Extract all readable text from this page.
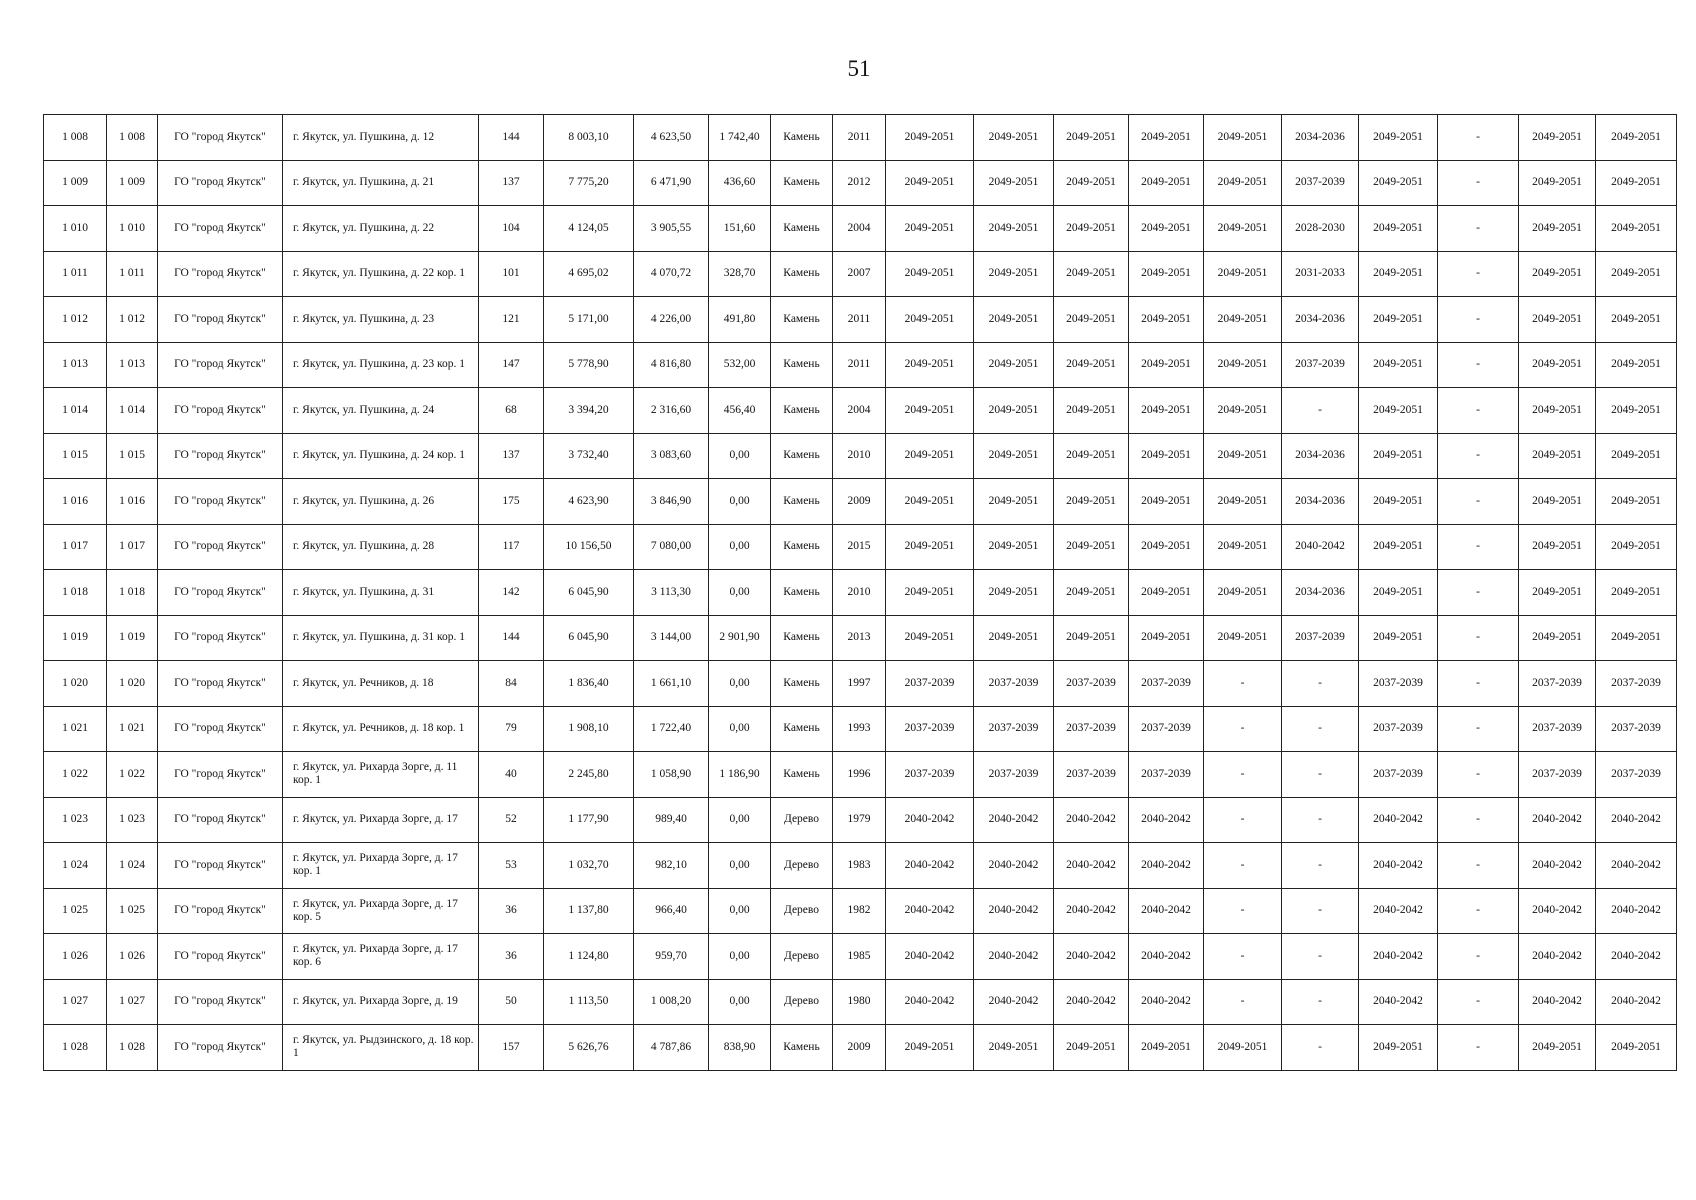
51
1 008	1 008	ГО "город Якутск"	г. Якутск, ул. Пушкина, д. 12	144	8 003,10	4 623,50	1 742,40	Камень	2011	2049-2051	2049-2051	2049-2051	2049-2051	2049-2051	2034-2036	2049-2051	-	2049-2051	2049-2051
1 009	1 009	ГО "город Якутск"	г. Якутск, ул. Пушкина, д. 21	137	7 775,20	6 471,90	436,60	Камень	2012	2049-2051	2049-2051	2049-2051	2049-2051	2049-2051	2037-2039	2049-2051	-	2049-2051	2049-2051
1 010	1 010	ГО "город Якутск"	г. Якутск, ул. Пушкина, д. 22	104	4 124,05	3 905,55	151,60	Камень	2004	2049-2051	2049-2051	2049-2051	2049-2051	2049-2051	2028-2030	2049-2051	-	2049-2051	2049-2051
1 011	1 011	ГО "город Якутск"	г. Якутск, ул. Пушкина, д. 22 кор. 1	101	4 695,02	4 070,72	328,70	Камень	2007	2049-2051	2049-2051	2049-2051	2049-2051	2049-2051	2031-2033	2049-2051	-	2049-2051	2049-2051
1 012	1 012	ГО "город Якутск"	г. Якутск, ул. Пушкина, д. 23	121	5 171,00	4 226,00	491,80	Камень	2011	2049-2051	2049-2051	2049-2051	2049-2051	2049-2051	2034-2036	2049-2051	-	2049-2051	2049-2051
1 013	1 013	ГО "город Якутск"	г. Якутск, ул. Пушкина, д. 23 кор. 1	147	5 778,90	4 816,80	532,00	Камень	2011	2049-2051	2049-2051	2049-2051	2049-2051	2049-2051	2037-2039	2049-2051	-	2049-2051	2049-2051
1 014	1 014	ГО "город Якутск"	г. Якутск, ул. Пушкина, д. 24	68	3 394,20	2 316,60	456,40	Камень	2004	2049-2051	2049-2051	2049-2051	2049-2051	2049-2051	-	2049-2051	-	2049-2051	2049-2051
1 015	1 015	ГО "город Якутск"	г. Якутск, ул. Пушкина, д. 24 кор. 1	137	3 732,40	3 083,60	0,00	Камень	2010	2049-2051	2049-2051	2049-2051	2049-2051	2049-2051	2034-2036	2049-2051	-	2049-2051	2049-2051
1 016	1 016	ГО "город Якутск"	г. Якутск, ул. Пушкина, д. 26	175	4 623,90	3 846,90	0,00	Камень	2009	2049-2051	2049-2051	2049-2051	2049-2051	2049-2051	2034-2036	2049-2051	-	2049-2051	2049-2051
1 017	1 017	ГО "город Якутск"	г. Якутск, ул. Пушкина, д. 28	117	10 156,50	7 080,00	0,00	Камень	2015	2049-2051	2049-2051	2049-2051	2049-2051	2049-2051	2040-2042	2049-2051	-	2049-2051	2049-2051
1 018	1 018	ГО "город Якутск"	г. Якутск, ул. Пушкина, д. 31	142	6 045,90	3 113,30	0,00	Камень	2010	2049-2051	2049-2051	2049-2051	2049-2051	2049-2051	2034-2036	2049-2051	-	2049-2051	2049-2051
1 019	1 019	ГО "город Якутск"	г. Якутск, ул. Пушкина, д. 31 кор. 1	144	6 045,90	3 144,00	2 901,90	Камень	2013	2049-2051	2049-2051	2049-2051	2049-2051	2049-2051	2037-2039	2049-2051	-	2049-2051	2049-2051
1 020	1 020	ГО "город Якутск"	г. Якутск, ул. Речников, д. 18	84	1 836,40	1 661,10	0,00	Камень	1997	2037-2039	2037-2039	2037-2039	2037-2039	-	-	2037-2039	-	2037-2039	2037-2039
1 021	1 021	ГО "город Якутск"	г. Якутск, ул. Речников, д. 18 кор. 1	79	1 908,10	1 722,40	0,00	Камень	1993	2037-2039	2037-2039	2037-2039	2037-2039	-	-	2037-2039	-	2037-2039	2037-2039
1 022	1 022	ГО "город Якутск"	г. Якутск, ул. Рихарда Зорге, д. 11 кор. 1	40	2 245,80	1 058,90	1 186,90	Камень	1996	2037-2039	2037-2039	2037-2039	2037-2039	-	-	2037-2039	-	2037-2039	2037-2039
1 023	1 023	ГО "город Якутск"	г. Якутск, ул. Рихарда Зорге, д. 17	52	1 177,90	989,40	0,00	Дерево	1979	2040-2042	2040-2042	2040-2042	2040-2042	-	-	2040-2042	-	2040-2042	2040-2042
1 024	1 024	ГО "город Якутск"	г. Якутск, ул. Рихарда Зорге, д. 17 кор. 1	53	1 032,70	982,10	0,00	Дерево	1983	2040-2042	2040-2042	2040-2042	2040-2042	-	-	2040-2042	-	2040-2042	2040-2042
1 025	1 025	ГО "город Якутск"	г. Якутск, ул. Рихарда Зорге, д. 17 кор. 5	36	1 137,80	966,40	0,00	Дерево	1982	2040-2042	2040-2042	2040-2042	2040-2042	-	-	2040-2042	-	2040-2042	2040-2042
1 026	1 026	ГО "город Якутск"	г. Якутск, ул. Рихарда Зорге, д. 17 кор. 6	36	1 124,80	959,70	0,00	Дерево	1985	2040-2042	2040-2042	2040-2042	2040-2042	-	-	2040-2042	-	2040-2042	2040-2042
1 027	1 027	ГО "город Якутск"	г. Якутск, ул. Рихарда Зорге, д. 19	50	1 113,50	1 008,20	0,00	Дерево	1980	2040-2042	2040-2042	2040-2042	2040-2042	-	-	2040-2042	-	2040-2042	2040-2042
1 028	1 028	ГО "город Якутск"	г. Якутск, ул. Рыдзинского, д. 18 кор. 1	157	5 626,76	4 787,86	838,90	Камень	2009	2049-2051	2049-2051	2049-2051	2049-2051	2049-2051	-	2049-2051	-	2049-2051	2049-2051
